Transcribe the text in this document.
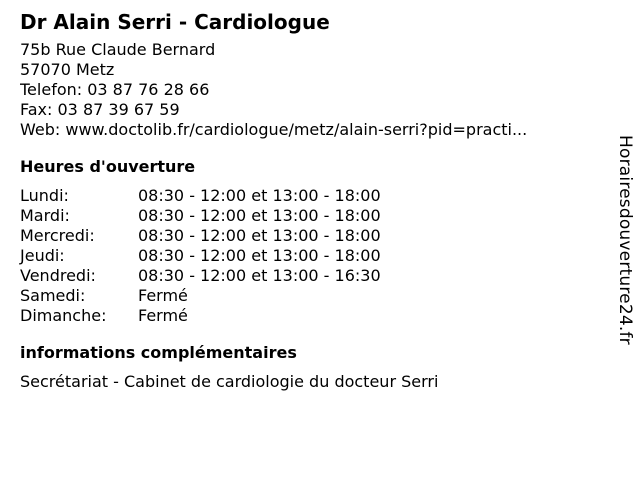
Dr Alain Serri - Cardiologue
75b Rue Claude Bernard
57070 Metz
Telefon: 03 87 76 28 66
Fax: 03 87 39 67 59
Web: www.doctolib.fr/cardiologue/metz/alain-serri?pid=practi...
Heures d'ouverture
Lundi:	08:30 - 12:00 et 13:00 - 18:00
Mardi:	08:30 - 12:00 et 13:00 - 18:00
Mercredi:	08:30 - 12:00 et 13:00 - 18:00
Jeudi:	08:30 - 12:00 et 13:00 - 18:00
Vendredi:	08:30 - 12:00 et 13:00 - 16:30
Samedi:	Fermé
Dimanche:	Fermé
informations complémentaires
Secrétariat - Cabinet de cardiologie du docteur Serri
Horairesdouverture24.fr
